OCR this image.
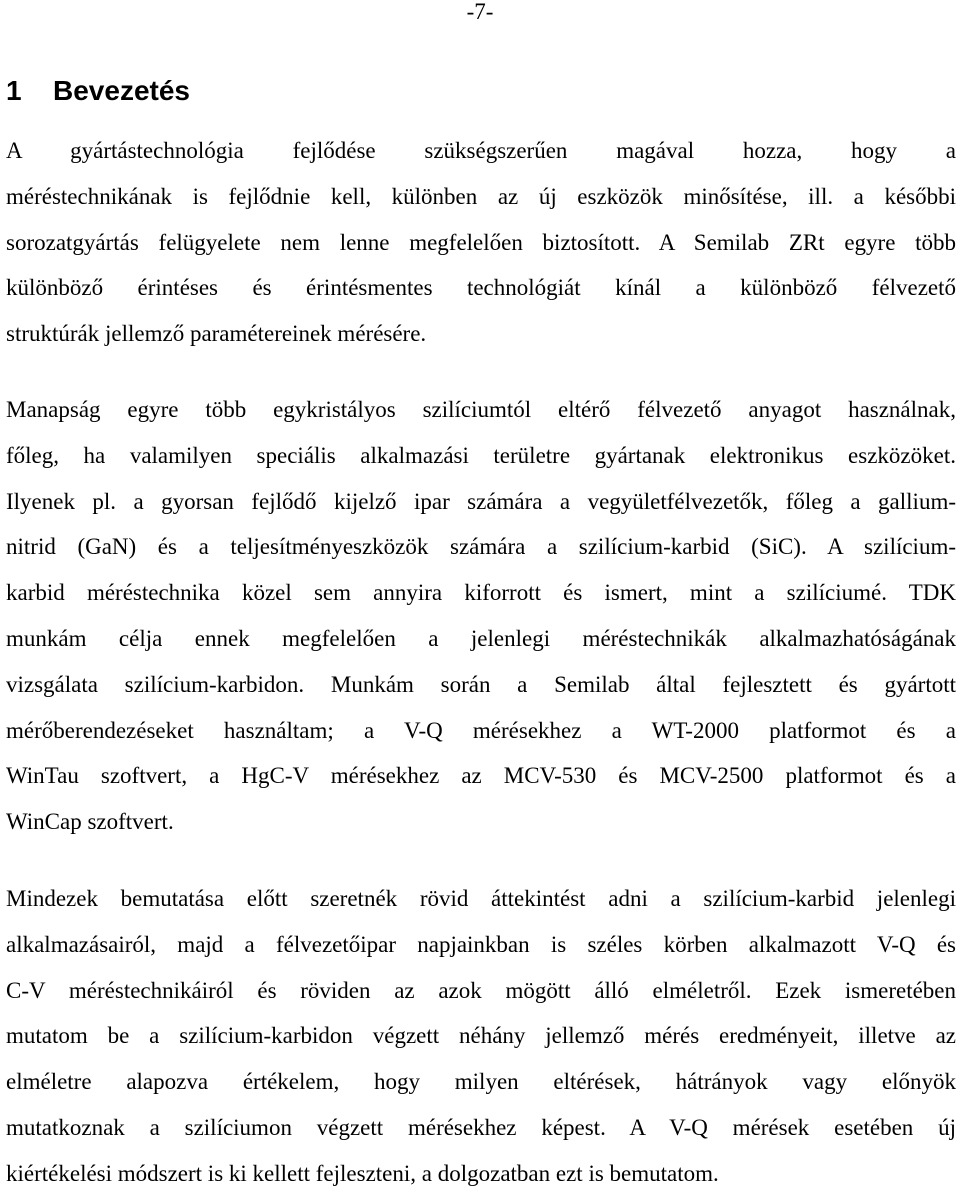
-7-
1 Bevezetés
A gyártástechnológia fejlődése szükségszerűen magával hozza, hogy a
méréstechnikának is fejlődnie kell, különben az új eszközök minősítése, ill. a későbbi
sorozatgyártás felügyelete nem lenne megfelelően biztosított. A Semilab ZRt egyre több
különböző érintéses és érintésmentes technológiát kínál a különböző félvezető
struktúrák jellemző paramétereinek mérésére.
Manapság egyre több egykristályos szilíciumtól eltérő félvezető anyagot használnak,
főleg, ha valamilyen speciális alkalmazási területre gyártanak elektronikus eszközöket.
Ilyenek pl. a gyorsan fejlődő kijelző ipar számára a vegyületfélvezetők, főleg a gallium-
nitrid (GaN) és a teljesítményeszközök számára a szilícium-karbid (SiC). A szilícium-
karbid méréstechnika közel sem annyira kiforrott és ismert, mint a szilíciumé. TDK
munkám célja ennek megfelelően a jelenlegi méréstechnikák alkalmazhatóságának
vizsgálata szilícium-karbidon. Munkám során a Semilab által fejlesztett és gyártott
mérőberendezéseket használtam; a V-Q mérésekhez a WT-2000 platformot és a
WinTau szoftvert, a HgC-V mérésekhez az MCV-530 és MCV-2500 platformot és a
WinCap szoftvert.
Mindezek bemutatása előtt szeretnék rövid áttekintést adni a szilícium-karbid jelenlegi
alkalmazásairól, majd a félvezetőipar napjainkban is széles körben alkalmazott V-Q és
C-V méréstechnikáiról és röviden az azok mögött álló elméletről. Ezek ismeretében
mutatom be a szilícium-karbidon végzett néhány jellemző mérés eredményeit, illetve az
elméletre alapozva értékelem, hogy milyen eltérések, hátrányok vagy előnyök
mutatkoznak a szilíciumon végzett mérésekhez képest. A V-Q mérések esetében új
kiértékelési módszert is ki kellett fejleszteni, a dolgozatban ezt is bemutatom.
